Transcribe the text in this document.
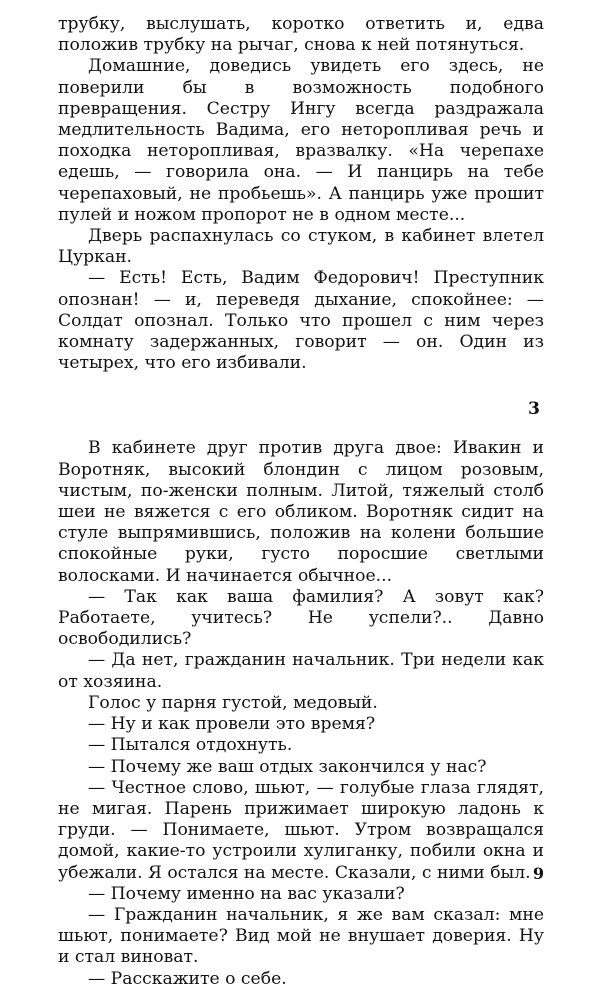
трубку, выслушать, коротко ответить и, едва положив трубку на рычаг, снова к ней потянуться.

Домашние, доведись увидеть его здесь, не поверили бы в возможность подобного превращения. Сестру Ингу всегда раздражала медлительность Вадима, его неторопливая речь и походка неторопливая, вразвалку. «На черепахе едешь, — говорила она. — И панцирь на тебе черепаховый, не пробьешь». А панцирь уже прошит пулей и ножом пропорот не в одном месте...

Дверь распахнулась со стуком, в кабинет влетел Цуркан.

— Есть! Есть, Вадим Федорович! Преступник опознан! — и, переведя дыхание, спокойнее: — Солдат опознал. Только что прошел с ним через комнату задержанных, говорит — он. Один из четырех, что его избивали.

3

В кабинете друг против друга двое: Ивакин и Воротняк, высокий блондин с лицом розовым, чистым, по-женски полным. Литой, тяжелый столб шеи не вяжется с его обликом. Воротняк сидит на стуле выпрямившись, положив на колени большие спокойные руки, густо поросшие светлыми волосками. И начинается обычное...

— Так как ваша фамилия? А зовут как? Работаете, учитесь? Не успели?.. Давно освободились?

— Да нет, гражданин начальник. Три недели как от хозяина.

Голос у парня густой, медовый.

— Ну и как провели это время?

— Пытался отдохнуть.

— Почему же ваш отдых закончился у нас?

— Честное слово, шьют, — голубые глаза глядят, не мигая. Парень прижимает широкую ладонь к груди. — Понимаете, шьют. Утром возвращался домой, какие-то устроили хулиганку, побили окна и убежали. Я остался на месте. Сказали, с ними был.

— Почему именно на вас указали?

— Гражданин начальник, я же вам сказал: мне шьют, понимаете? Вид мой не внушает доверия. Ну и стал виноват.

— Расскажите о себе.

9
